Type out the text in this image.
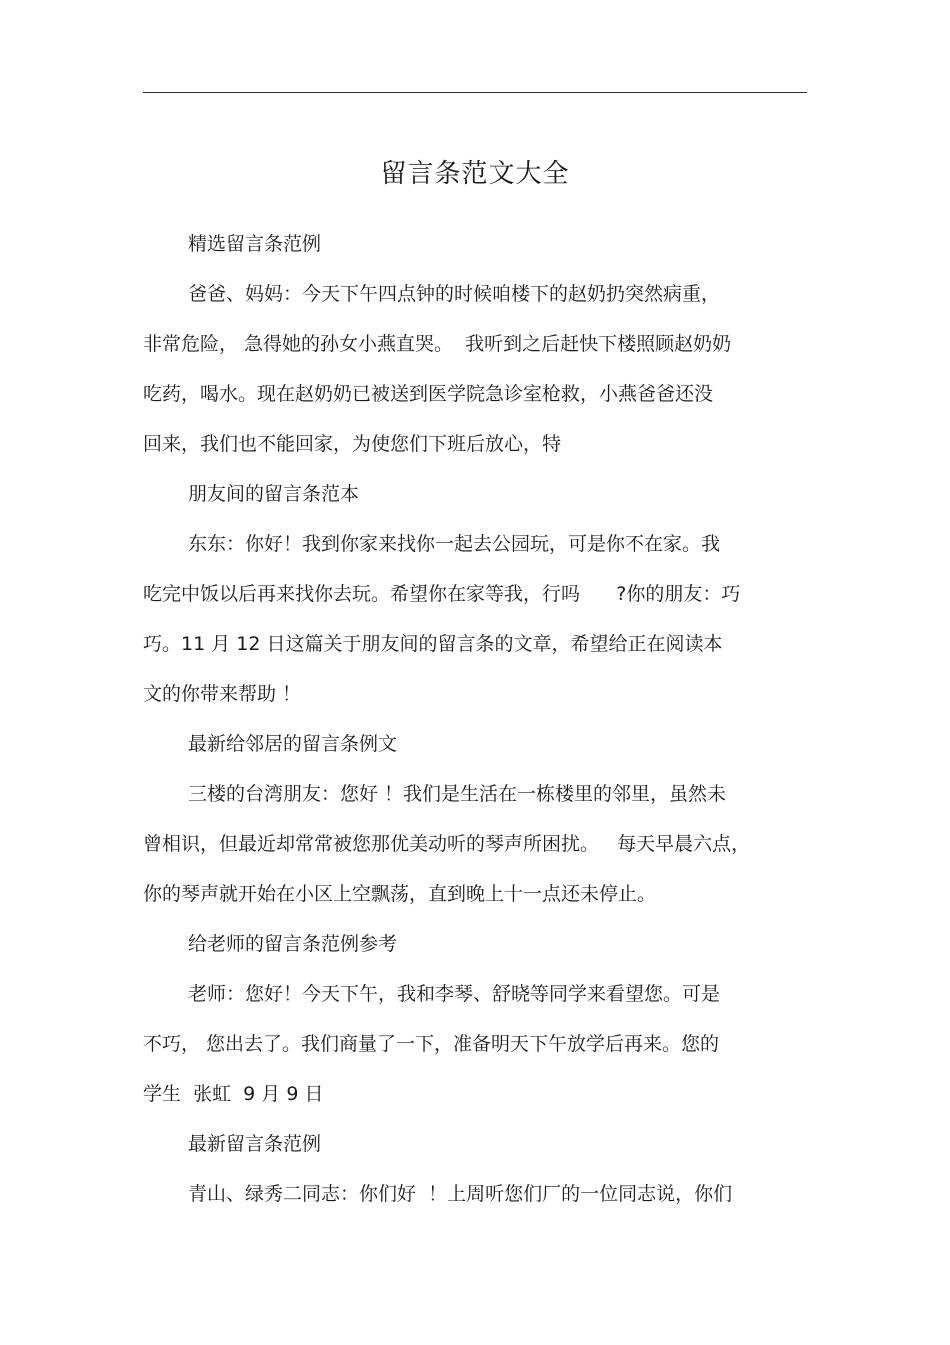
留言条范文大全
精选留言条范例
爸爸、妈妈：今天下午四点钟的时候咱楼下的赵奶扔突然病重，
非常危险， 急得她的孙女小燕直哭。  我听到之后赶快下楼照顾赵奶奶
吃药，喝水。现在赵奶奶已被送到医学院急诊室枪救，小燕爸爸还没
回来，我们也不能回家，为使您们下班后放心，特
朋友间的留言条范本
东东：你好！我到你家来找你一起去公园玩，可是你不在家。我
吃完中饭以后再来找你去玩。希望你在家等我，行吗      ?你的朋友：巧
巧。11 月 12 日这篇关于朋友间的留言条的文章，希望给正在阅读本
文的你带来帮助 ！
最新给邻居的留言条例文
三楼的台湾朋友：您好 ！我们是生活在一栋楼里的邻里，虽然未
曾相识，但最近却常常被您那优美动听的琴声所困扰。   每天早晨六点，
你的琴声就开始在小区上空飘荡，直到晚上十一点还未停止。
给老师的留言条范例参考
老师：您好！今天下午，我和李琴、舒晓等同学来看望您。可是
不巧， 您出去了。我们商量了一下，准备明天下午放学后再来。您的
学生  张虹  9 月 9 日
最新留言条范例
青山、绿秀二同志：你们好  ！上周听您们厂的一位同志说，你们
